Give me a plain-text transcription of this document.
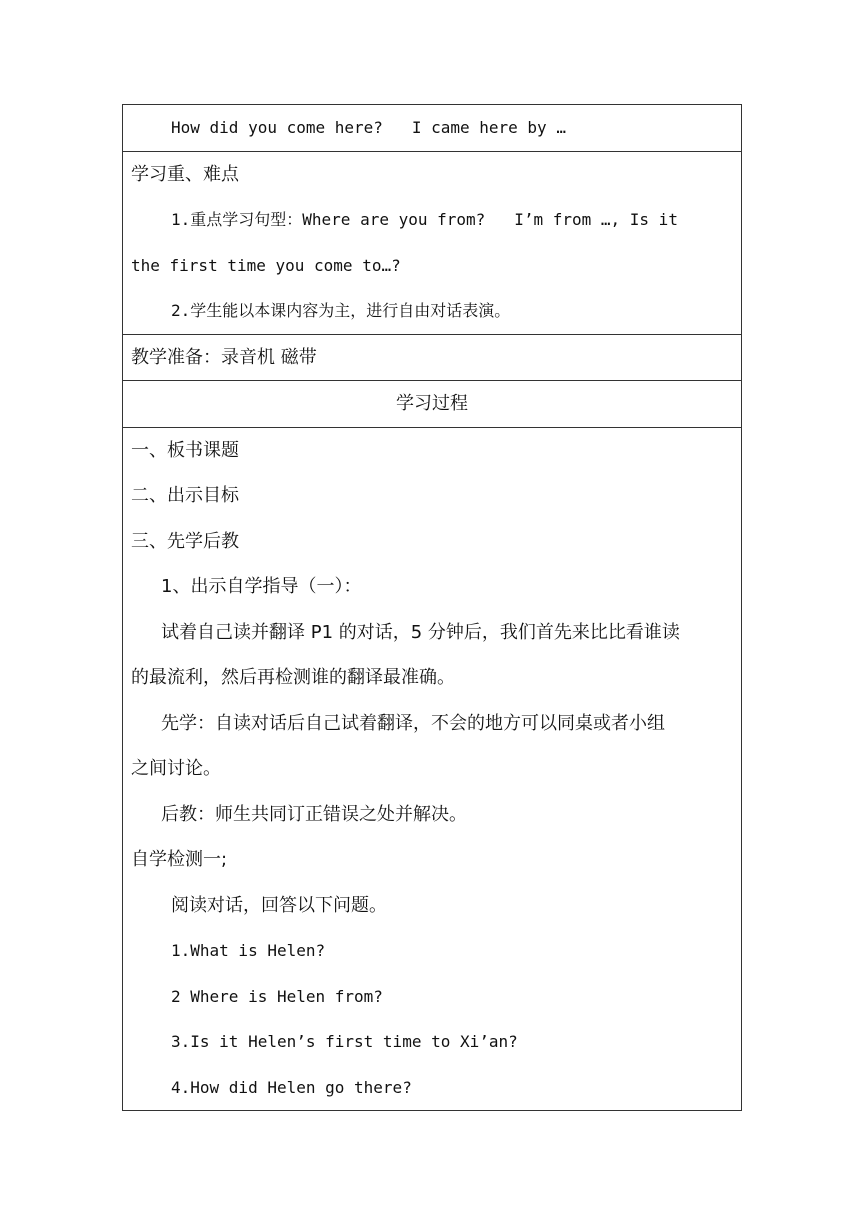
How did you come here?   I came here by …
学习重、难点
1.重点学习句型：Where are you from?   I’m from …, Is it
the first time you come to…?
2.学生能以本课内容为主，进行自由对话表演。
教学准备：录音机 磁带
学习过程
一、板书课题
二、出示目标
三、先学后教
1、出示自学指导（一）：
试着自己读并翻译 P1 的对话，5 分钟后，我们首先来比比看谁读
的最流利，然后再检测谁的翻译最准确。
先学：自读对话后自己试着翻译，不会的地方可以同桌或者小组
之间讨论。
后教：师生共同订正错误之处并解决。
自学检测一;
阅读对话，回答以下问题。
1.What is Helen?
2 Where is Helen from?
3.Is it Helen’s first time to Xi’an?
4.How did Helen go there?
